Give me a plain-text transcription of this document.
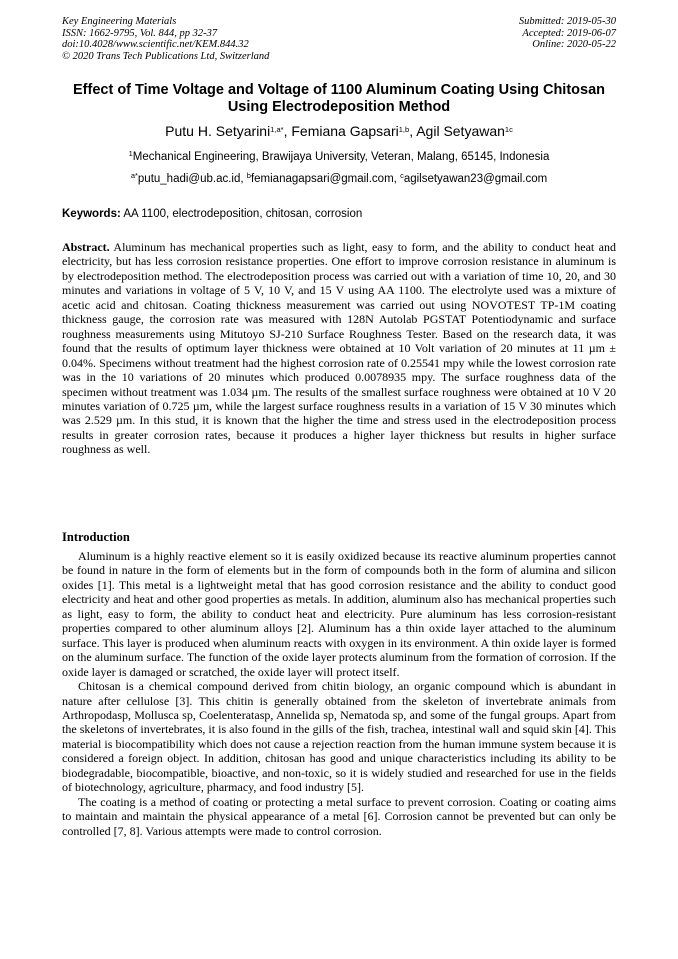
Key Engineering Materials
ISSN: 1662-9795, Vol. 844, pp 32-37
doi:10.4028/www.scientific.net/KEM.844.32
© 2020 Trans Tech Publications Ltd, Switzerland
Submitted: 2019-05-30
Accepted: 2019-06-07
Online: 2020-05-22
Effect of Time Voltage and Voltage of 1100 Aluminum Coating Using Chitosan Using Electrodeposition Method
Putu H. Setyarini$^{1,a*}$, Femiana Gapsari$^{1,b}$, Agil Setyawan$^{1c}$
$^1$Mechanical Engineering, Brawijaya University, Veteran, Malang, 65145, Indonesia
$^{a*}$putu_hadi@ub.ac.id, $^b$femianagapsari@gmail.com, $^c$agilsetyawan23@gmail.com
Keywords: AA 1100, electrodeposition, chitosan, corrosion

Abstract. Aluminum has mechanical properties such as light, easy to form, and the ability to conduct heat and electricity, but has less corrosion resistance properties. One effort to improve corrosion resistance in aluminum is by electrodeposition method. The electrodeposition process was carried out with a variation of time 10, 20, and 30 minutes and variations in voltage of 5 V, 10 V, and 15 V using AA 1100. The electrolyte used was a mixture of acetic acid and chitosan. Coating thickness measurement was carried out using NOVOTEST TP-1M coating thickness gauge, the corrosion rate was measured with 128N Autolab PGSTAT Potentiodynamic and surface roughness measurements using Mitutoyo SJ-210 Surface Roughness Tester. Based on the research data, it was found that the results of optimum layer thickness were obtained at 10 Volt variation of 20 minutes at 11 µm ± 0.04%. Specimens without treatment had the highest corrosion rate of 0.25541 mpy while the lowest corrosion rate was in the 10 variations of 20 minutes which produced 0.0078935 mpy. The surface roughness data of the specimen without treatment was 1.034 µm. The results of the smallest surface roughness were obtained at 10 V 20 minutes variation of 0.725 µm, while the largest surface roughness results in a variation of 15 V 30 minutes which was 2.529 µm. In this stud, it is known that the higher the time and stress used in the electrodeposition process results in greater corrosion rates, because it produces a higher layer thickness but results in higher surface roughness as well.

Introduction

Aluminum is a highly reactive element so it is easily oxidized because its reactive aluminum properties cannot be found in nature in the form of elements but in the form of compounds both in the form of alumina and silicon oxides [1]. This metal is a lightweight metal that has good corrosion resistance and the ability to conduct good electricity and heat and other good properties as metals. In addition, aluminum also has mechanical properties such as light, easy to form, the ability to conduct heat and electricity. Pure aluminum has less corrosion-resistant properties compared to other aluminum alloys [2]. Aluminum has a thin oxide layer attached to the aluminum surface. This layer is produced when aluminum reacts with oxygen in its environment. A thin oxide layer is formed on the aluminum surface. The function of the oxide layer protects aluminum from the formation of corrosion. If the oxide layer is damaged or scratched, the oxide layer will protect itself.

Chitosan is a chemical compound derived from chitin biology, an organic compound which is abundant in nature after cellulose [3]. This chitin is generally obtained from the skeleton of invertebrate animals from Arthropodasp, Mollusca sp, Coelenteratasp, Annelida sp, Nematoda sp, and some of the fungal groups. Apart from the skeletons of invertebrates, it is also found in the gills of the fish, trachea, intestinal wall and squid skin [4]. This material is biocompatibility which does not cause a rejection reaction from the human immune system because it is considered a foreign object. In addition, chitosan has good and unique characteristics including its ability to be biodegradable, biocompatible, bioactive, and non-toxic, so it is widely studied and researched for use in the fields of biotechnology, agriculture, pharmacy, and food industry [5].

The coating is a method of coating or protecting a metal surface to prevent corrosion. Coating or coating aims to maintain and maintain the physical appearance of a metal [6]. Corrosion cannot be prevented but can only be controlled [7, 8]. Various attempts were made to control corrosion.
